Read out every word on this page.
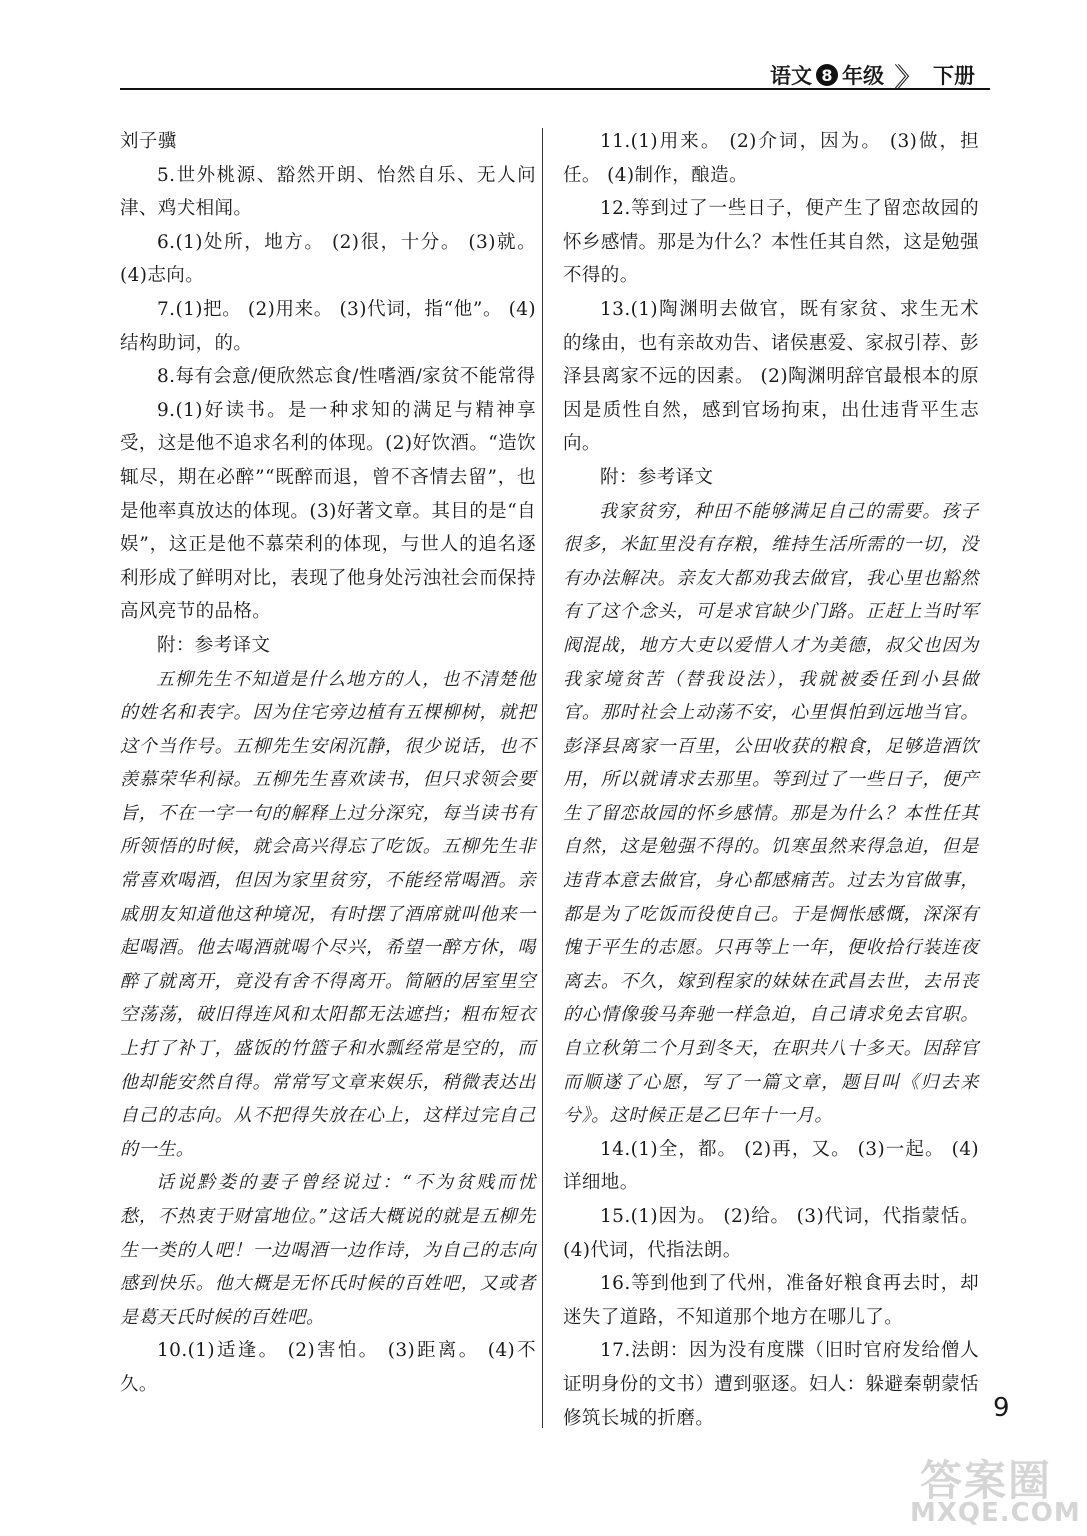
语文 8 年级 〉〉 下册

刘子骥

5.世外桃源、豁然开朗、怡然自乐、无人问津、鸡犬相闻。

6.(1)处所，地方。 (2)很，十分。 (3)就。 (4)志向。

7.(1)把。 (2)用来。 (3)代词，指“他”。 (4)结构助词，的。

8.每有会意/便欣然忘食/性嗜酒/家贫不能常得

9.(1)好读书。是一种求知的满足与精神享受，这是他不追求名利的体现。(2)好饮酒。“造饮辄尽，期在必醉”“既醉而退，曾不吝情去留”，也是他率真放达的体现。(3)好著文章。其目的是“自娱”，这正是他不慕荣利的体现，与世人的追名逐利形成了鲜明对比，表现了他身处污浊社会而保持高风亮节的品格。

附：参考译文

五柳先生不知道是什么地方的人，也不清楚他的姓名和表字。因为住宅旁边植有五棵柳树，就把这个当作号。五柳先生安闲沉静，很少说话，也不羡慕荣华利禄。五柳先生喜欢读书，但只求领会要旨，不在一字一句的解释上过分深究，每当读书有所领悟的时候，就会高兴得忘了吃饭。五柳先生非常喜欢喝酒，但因为家里贫穷，不能经常喝酒。亲戚朋友知道他这种境况，有时摆了酒席就叫他来一起喝酒。他去喝酒就喝个尽兴，希望一醉方休，喝醉了就离开，竟没有舍不得离开。简陋的居室里空空荡荡，破旧得连风和太阳都无法遮挡；粗布短衣上打了补丁，盛饭的竹篮子和水瓢经常是空的，而他却能安然自得。常常写文章来娱乐，稍微表达出自己的志向。从不把得失放在心上，这样过完自己的一生。

话说黔娄的妻子曾经说过：“不为贫贱而忧愁，不热衷于财富地位。”这话大概说的就是五柳先生一类的人吧！一边喝酒一边作诗，为自己的志向感到快乐。他大概是无怀氏时候的百姓吧，又或者是葛天氏时候的百姓吧。

10.(1)适逢。 (2)害怕。 (3)距离。 (4)不久。

11.(1)用来。 (2)介词，因为。 (3)做，担任。 (4)制作，酿造。

12.等到过了一些日子，便产生了留恋故园的怀乡感情。那是为什么？本性任其自然，这是勉强不得的。

13.(1)陶渊明去做官，既有家贫、求生无术的缘由，也有亲故劝告、诸侯惠爱、家叔引荐、彭泽县离家不远的因素。 (2)陶渊明辞官最根本的原因是质性自然，感到官场拘束，出仕违背平生志向。

附：参考译文

我家贫穷，种田不能够满足自己的需要。孩子很多，米缸里没有存粮，维持生活所需的一切，没有办法解决。亲友大都劝我去做官，我心里也豁然有了这个念头，可是求官缺少门路。正赶上当时军阀混战，地方大吏以爱惜人才为美德，叔父也因为我家境贫苦（替我设法），我就被委任到小县做官。那时社会上动荡不安，心里惧怕到远地当官。彭泽县离家一百里，公田收获的粮食，足够造酒饮用，所以就请求去那里。等到过了一些日子，便产生了留恋故园的怀乡感情。那是为什么？本性任其自然，这是勉强不得的。饥寒虽然来得急迫，但是违背本意去做官，身心都感痛苦。过去为官做事，都是为了吃饭而役使自己。于是惆怅感慨，深深有愧于平生的志愿。只再等上一年，便收拾行装连夜离去。不久，嫁到程家的妹妹在武昌去世，去吊丧的心情像骏马奔驰一样急迫，自己请求免去官职。自立秋第二个月到冬天，在职共八十多天。因辞官而顺遂了心愿，写了一篇文章，题目叫《归去来兮》。这时候正是乙巳年十一月。

14.(1)全，都。 (2)再，又。 (3)一起。 (4)详细地。

15.(1)因为。 (2)给。 (3)代词，代指蒙恬。 (4)代词，代指法朗。

16.等到他到了代州，准备好粮食再去时，却迷失了道路，不知道那个地方在哪儿了。

17.法朗：因为没有度牒（旧时官府发给僧人证明身份的文书）遭到驱逐。妇人：躲避秦朝蒙恬修筑长城的折磨。	9
答案圈
MXQE.COM
